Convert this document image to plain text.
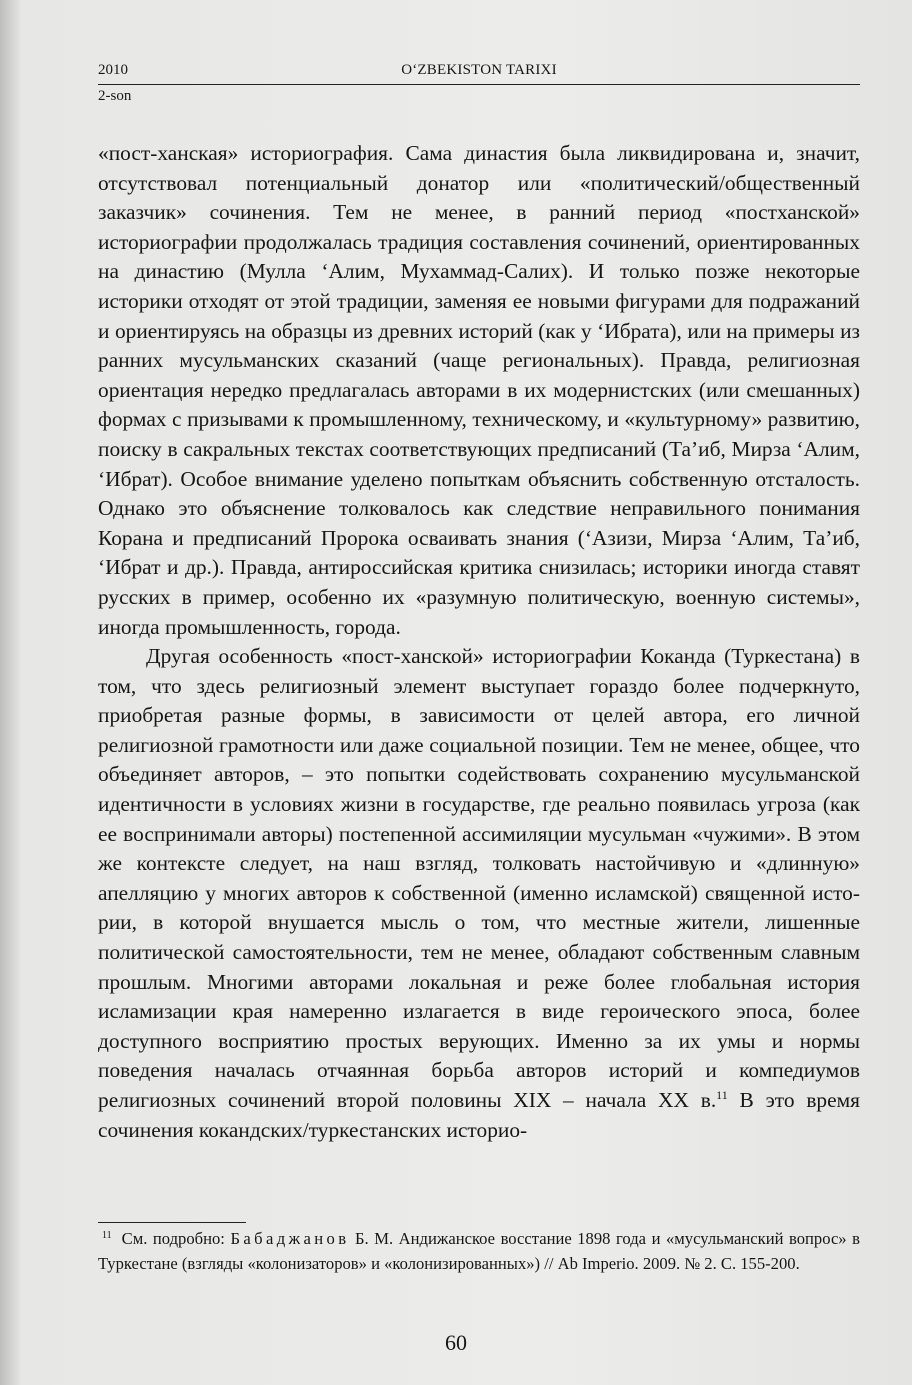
2010	O‘ZBEKISTON TARIXI
2-son

«пост-ханская» историография. Сама династия была ликвидирована и, значит, отсутствовал потенциальный донатор или «политический/общественный заказчик» сочинения. Тем не менее, в ранний период «постханской» историографии продолжалась традиция составления сочинений, ориентированных на династию (Мулла ‘Алим, Мухаммад-Салих). И только позже некоторые историки отходят от этой традиции, заменяя ее новыми фигурами для подражаний и ориентируясь на образцы из древних историй (как у ‘Ибрата), или на примеры из ранних мусульманских сказаний (чаще региональных). Правда, религиозная ориентация нередко предлагалась авторами в их модернистских (или смешанных) формах с призывами к промышленному, техническому, и «культурному» развитию, поиску в сакральных текстах соответствующих предписаний (Та’иб, Мирза ‘Алим, ‘Ибрат). Особое внимание уделено попыткам объяснить собственную отсталость. Однако это объяснение толковалось как следствие неправильного понимания Корана и предписаний Пророка осваивать знания (‘Азизи, Мирза ‘Алим, Та’иб, ‘Ибрат и др.). Правда, антироссийская критика снизилась; историки иногда ставят русских в пример, особенно их «разумную политическую, военную системы», иногда промышленность, города.

Другая особенность «пост-ханской» историографии Коканда (Туркестана) в том, что здесь религиозный элемент выступает гораздо более подчеркнуто, приобретая разные формы, в зависимости от целей автора, его личной религиозной грамотности или даже социальной позиции. Тем не менее, общее, что объединяет авторов, – это попытки содействовать сохранению мусульманской идентичности в условиях жизни в государстве, где реально появилась угроза (как ее воспринимали авторы) постепенной ассимиляции мусульман «чужими». В этом же контексте следует, на наш взгляд, толковать настойчивую и «длинную» апелляцию у многих авторов к собственной (именно исламской) священной истории, в которой внушается мысль о том, что местные жители, лишенные политической самостоятельности, тем не менее, обладают собственным славным прошлым. Многими авторами локальная и реже более глобальная история исламизации края намеренно излагается в виде героического эпоса, более доступного восприятию простых верующих. Именно за их умы и нормы поведения началась отчаянная борьба авторов историй и компедиумов религиозных сочинений второй половины XIX – начала XX в.$^{11}$ В это время сочинения кокандских/туркестанских историо-

$^{11}$ См. подробно: Бабаджанов Б. М. Андижанское восстание 1898 года и «мусульманский вопрос» в Туркестане (взгляды «колонизаторов» и «колонизированных») // Ab Imperio. 2009. № 2. С. 155-200.
60
